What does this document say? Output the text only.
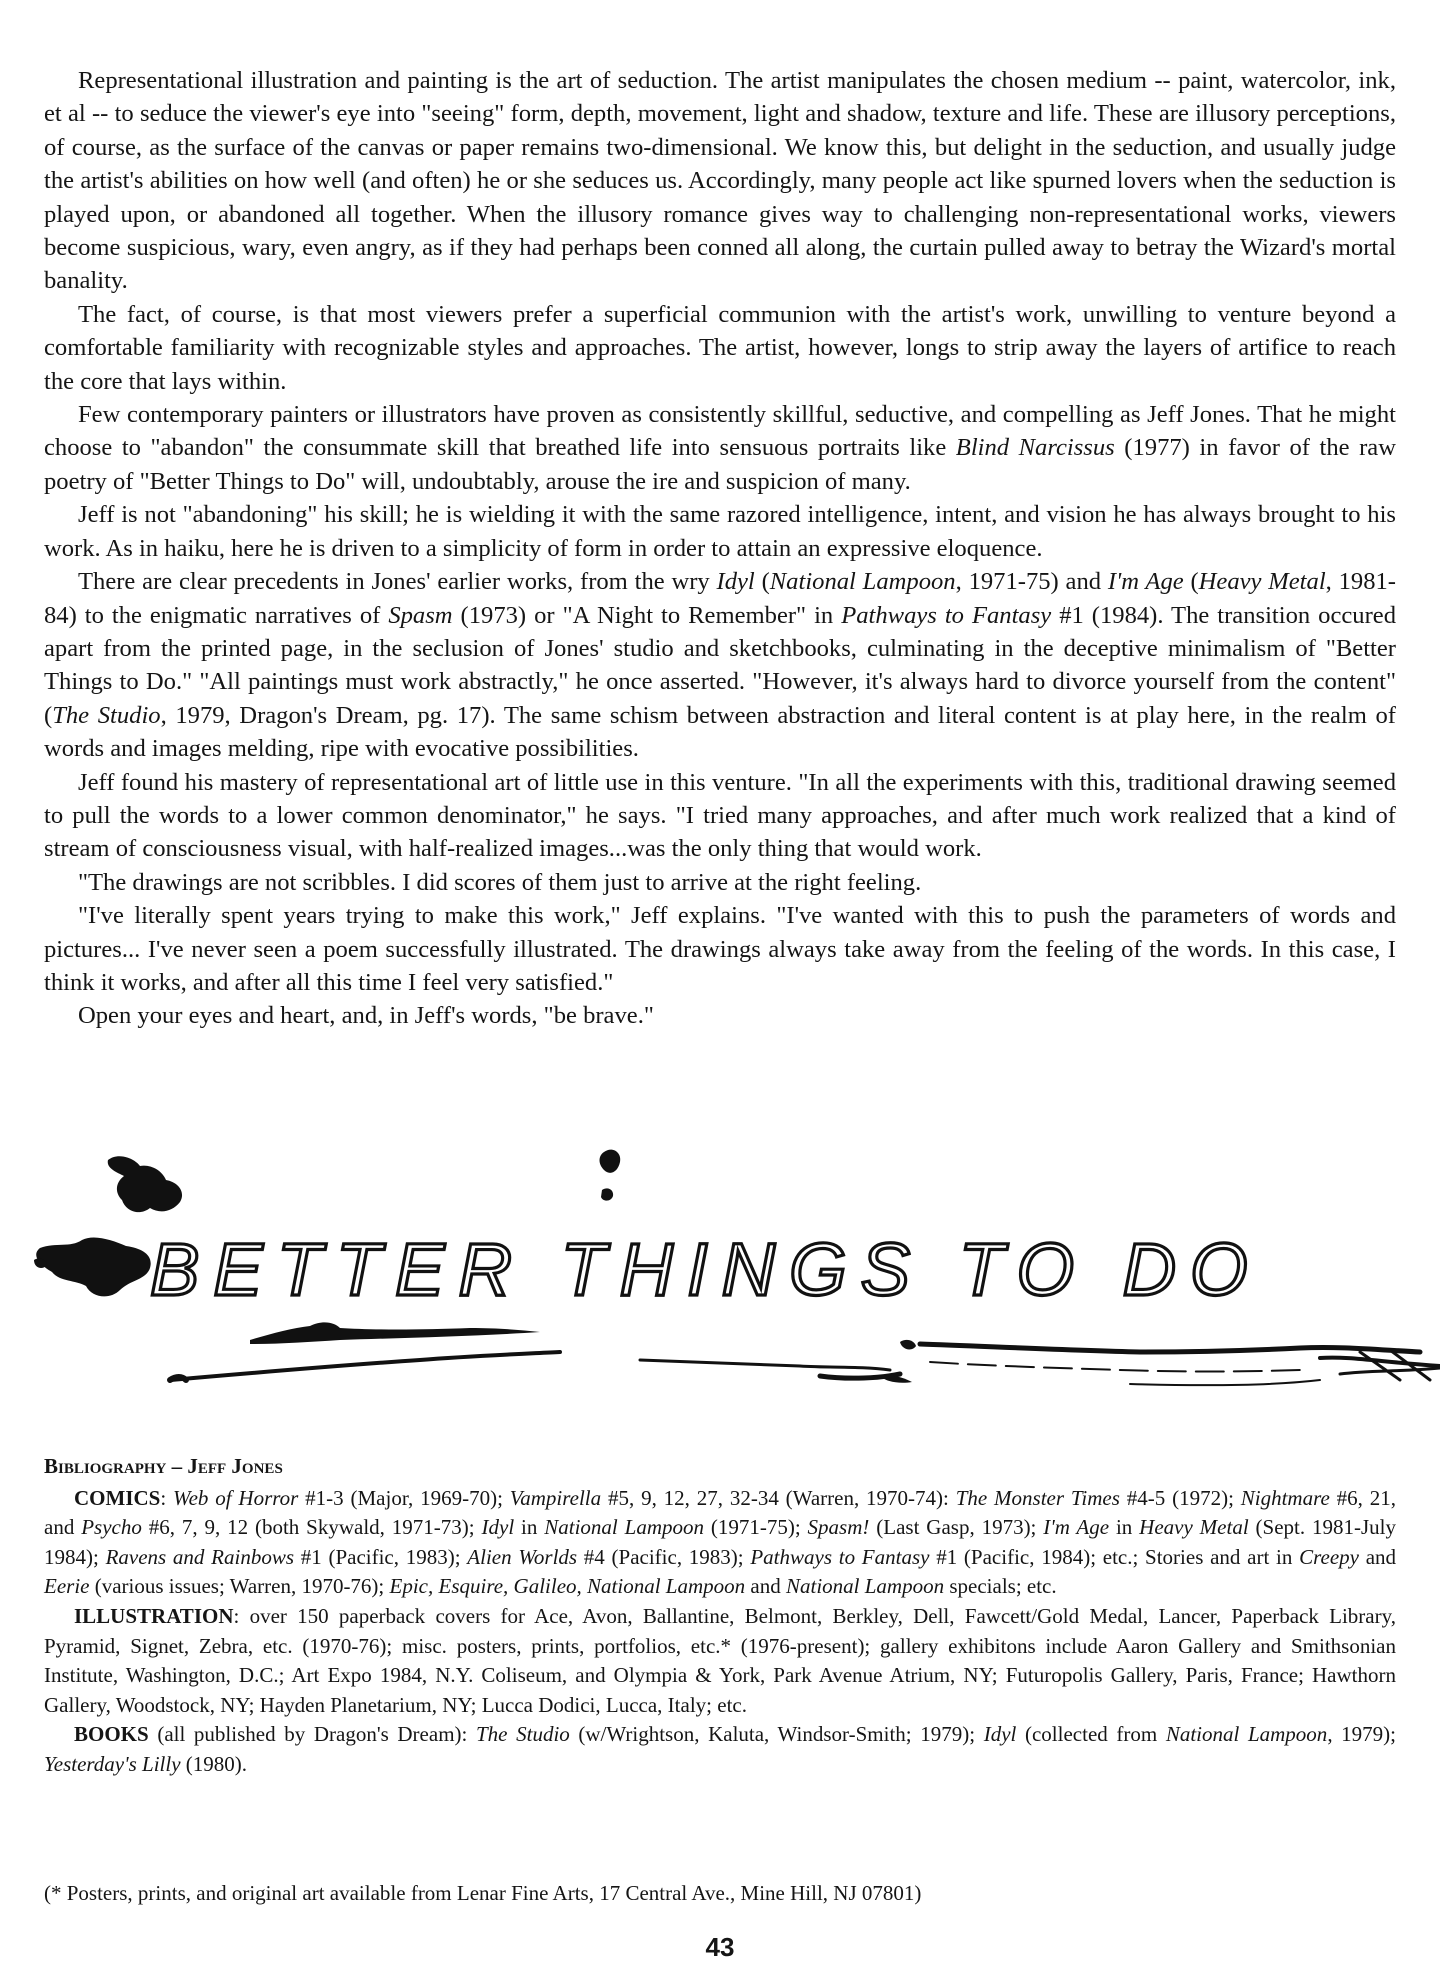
Representational illustration and painting is the art of seduction. The artist manipulates the chosen medium -- paint, watercolor, ink, et al -- to seduce the viewer's eye into "seeing" form, depth, movement, light and shadow, texture and life. These are illusory perceptions, of course, as the surface of the canvas or paper remains two-dimensional. We know this, but delight in the seduction, and usually judge the artist's abilities on how well (and often) he or she seduces us. Accordingly, many people act like spurned lovers when the seduction is played upon, or abandoned all together. When the illusory romance gives way to challenging non-representational works, viewers become suspicious, wary, even angry, as if they had perhaps been conned all along, the curtain pulled away to betray the Wizard's mortal banality.

The fact, of course, is that most viewers prefer a superficial communion with the artist's work, unwilling to venture beyond a comfortable familiarity with recognizable styles and approaches. The artist, however, longs to strip away the layers of artifice to reach the core that lays within.

Few contemporary painters or illustrators have proven as consistently skillful, seductive, and compelling as Jeff Jones. That he might choose to "abandon" the consummate skill that breathed life into sensuous portraits like Blind Narcissus (1977) in favor of the raw poetry of "Better Things to Do" will, undoubtably, arouse the ire and suspicion of many.

Jeff is not "abandoning" his skill; he is wielding it with the same razored intelligence, intent, and vision he has always brought to his work. As in haiku, here he is driven to a simplicity of form in order to attain an expressive eloquence.

There are clear precedents in Jones' earlier works, from the wry Idyl (National Lampoon, 1971-75) and I'm Age (Heavy Metal, 1981-84) to the enigmatic narratives of Spasm (1973) or "A Night to Remember" in Pathways to Fantasy #1 (1984). The transition occured apart from the printed page, in the seclusion of Jones' studio and sketchbooks, culminating in the deceptive minimalism of "Better Things to Do." "All paintings must work abstractly," he once asserted. "However, it's always hard to divorce yourself from the content" (The Studio, 1979, Dragon's Dream, pg. 17). The same schism between abstraction and literal content is at play here, in the realm of words and images melding, ripe with evocative possibilities.

Jeff found his mastery of representational art of little use in this venture. "In all the experiments with this, traditional drawing seemed to pull the words to a lower common denominator," he says. "I tried many approaches, and after much work realized that a kind of stream of consciousness visual, with half-realized images...was the only thing that would work.

"The drawings are not scribbles. I did scores of them just to arrive at the right feeling.

"I've literally spent years trying to make this work," Jeff explains. "I've wanted with this to push the parameters of words and pictures... I've never seen a poem successfully illustrated. The drawings always take away from the feeling of the words. In this case, I think it works, and after all this time I feel very satisfied."

Open your eyes and heart, and, in Jeff's words, "be brave."

BETTER THINGS TO DO

Bibliography – Jeff Jones

COMICS: Web of Horror #1-3 (Major, 1969-70); Vampirella #5, 9, 12, 27, 32-34 (Warren, 1970-74): The Monster Times #4-5 (1972); Nightmare #6, 21, and Psycho #6, 7, 9, 12 (both Skywald, 1971-73); Idyl in National Lampoon (1971-75); Spasm! (Last Gasp, 1973); I'm Age in Heavy Metal (Sept. 1981-July 1984); Ravens and Rainbows #1 (Pacific, 1983); Alien Worlds #4 (Pacific, 1983); Pathways to Fantasy #1 (Pacific, 1984); etc.; Stories and art in Creepy and Eerie (various issues; Warren, 1970-76); Epic, Esquire, Galileo, National Lampoon and National Lampoon specials; etc.

ILLUSTRATION: over 150 paperback covers for Ace, Avon, Ballantine, Belmont, Berkley, Dell, Fawcett/Gold Medal, Lancer, Paperback Library, Pyramid, Signet, Zebra, etc. (1970-76); misc. posters, prints, portfolios, etc.* (1976-present); gallery exhibitons include Aaron Gallery and Smithsonian Institute, Washington, D.C.; Art Expo 1984, N.Y. Coliseum, and Olympia & York, Park Avenue Atrium, NY; Futuropolis Gallery, Paris, France; Hawthorn Gallery, Woodstock, NY; Hayden Planetarium, NY; Lucca Dodici, Lucca, Italy; etc.

BOOKS (all published by Dragon's Dream): The Studio (w/Wrightson, Kaluta, Windsor-Smith; 1979); Idyl (collected from National Lampoon, 1979); Yesterday's Lilly (1980).

(* Posters, prints, and original art available from Lenar Fine Arts, 17 Central Ave., Mine Hill, NJ 07801)
43
